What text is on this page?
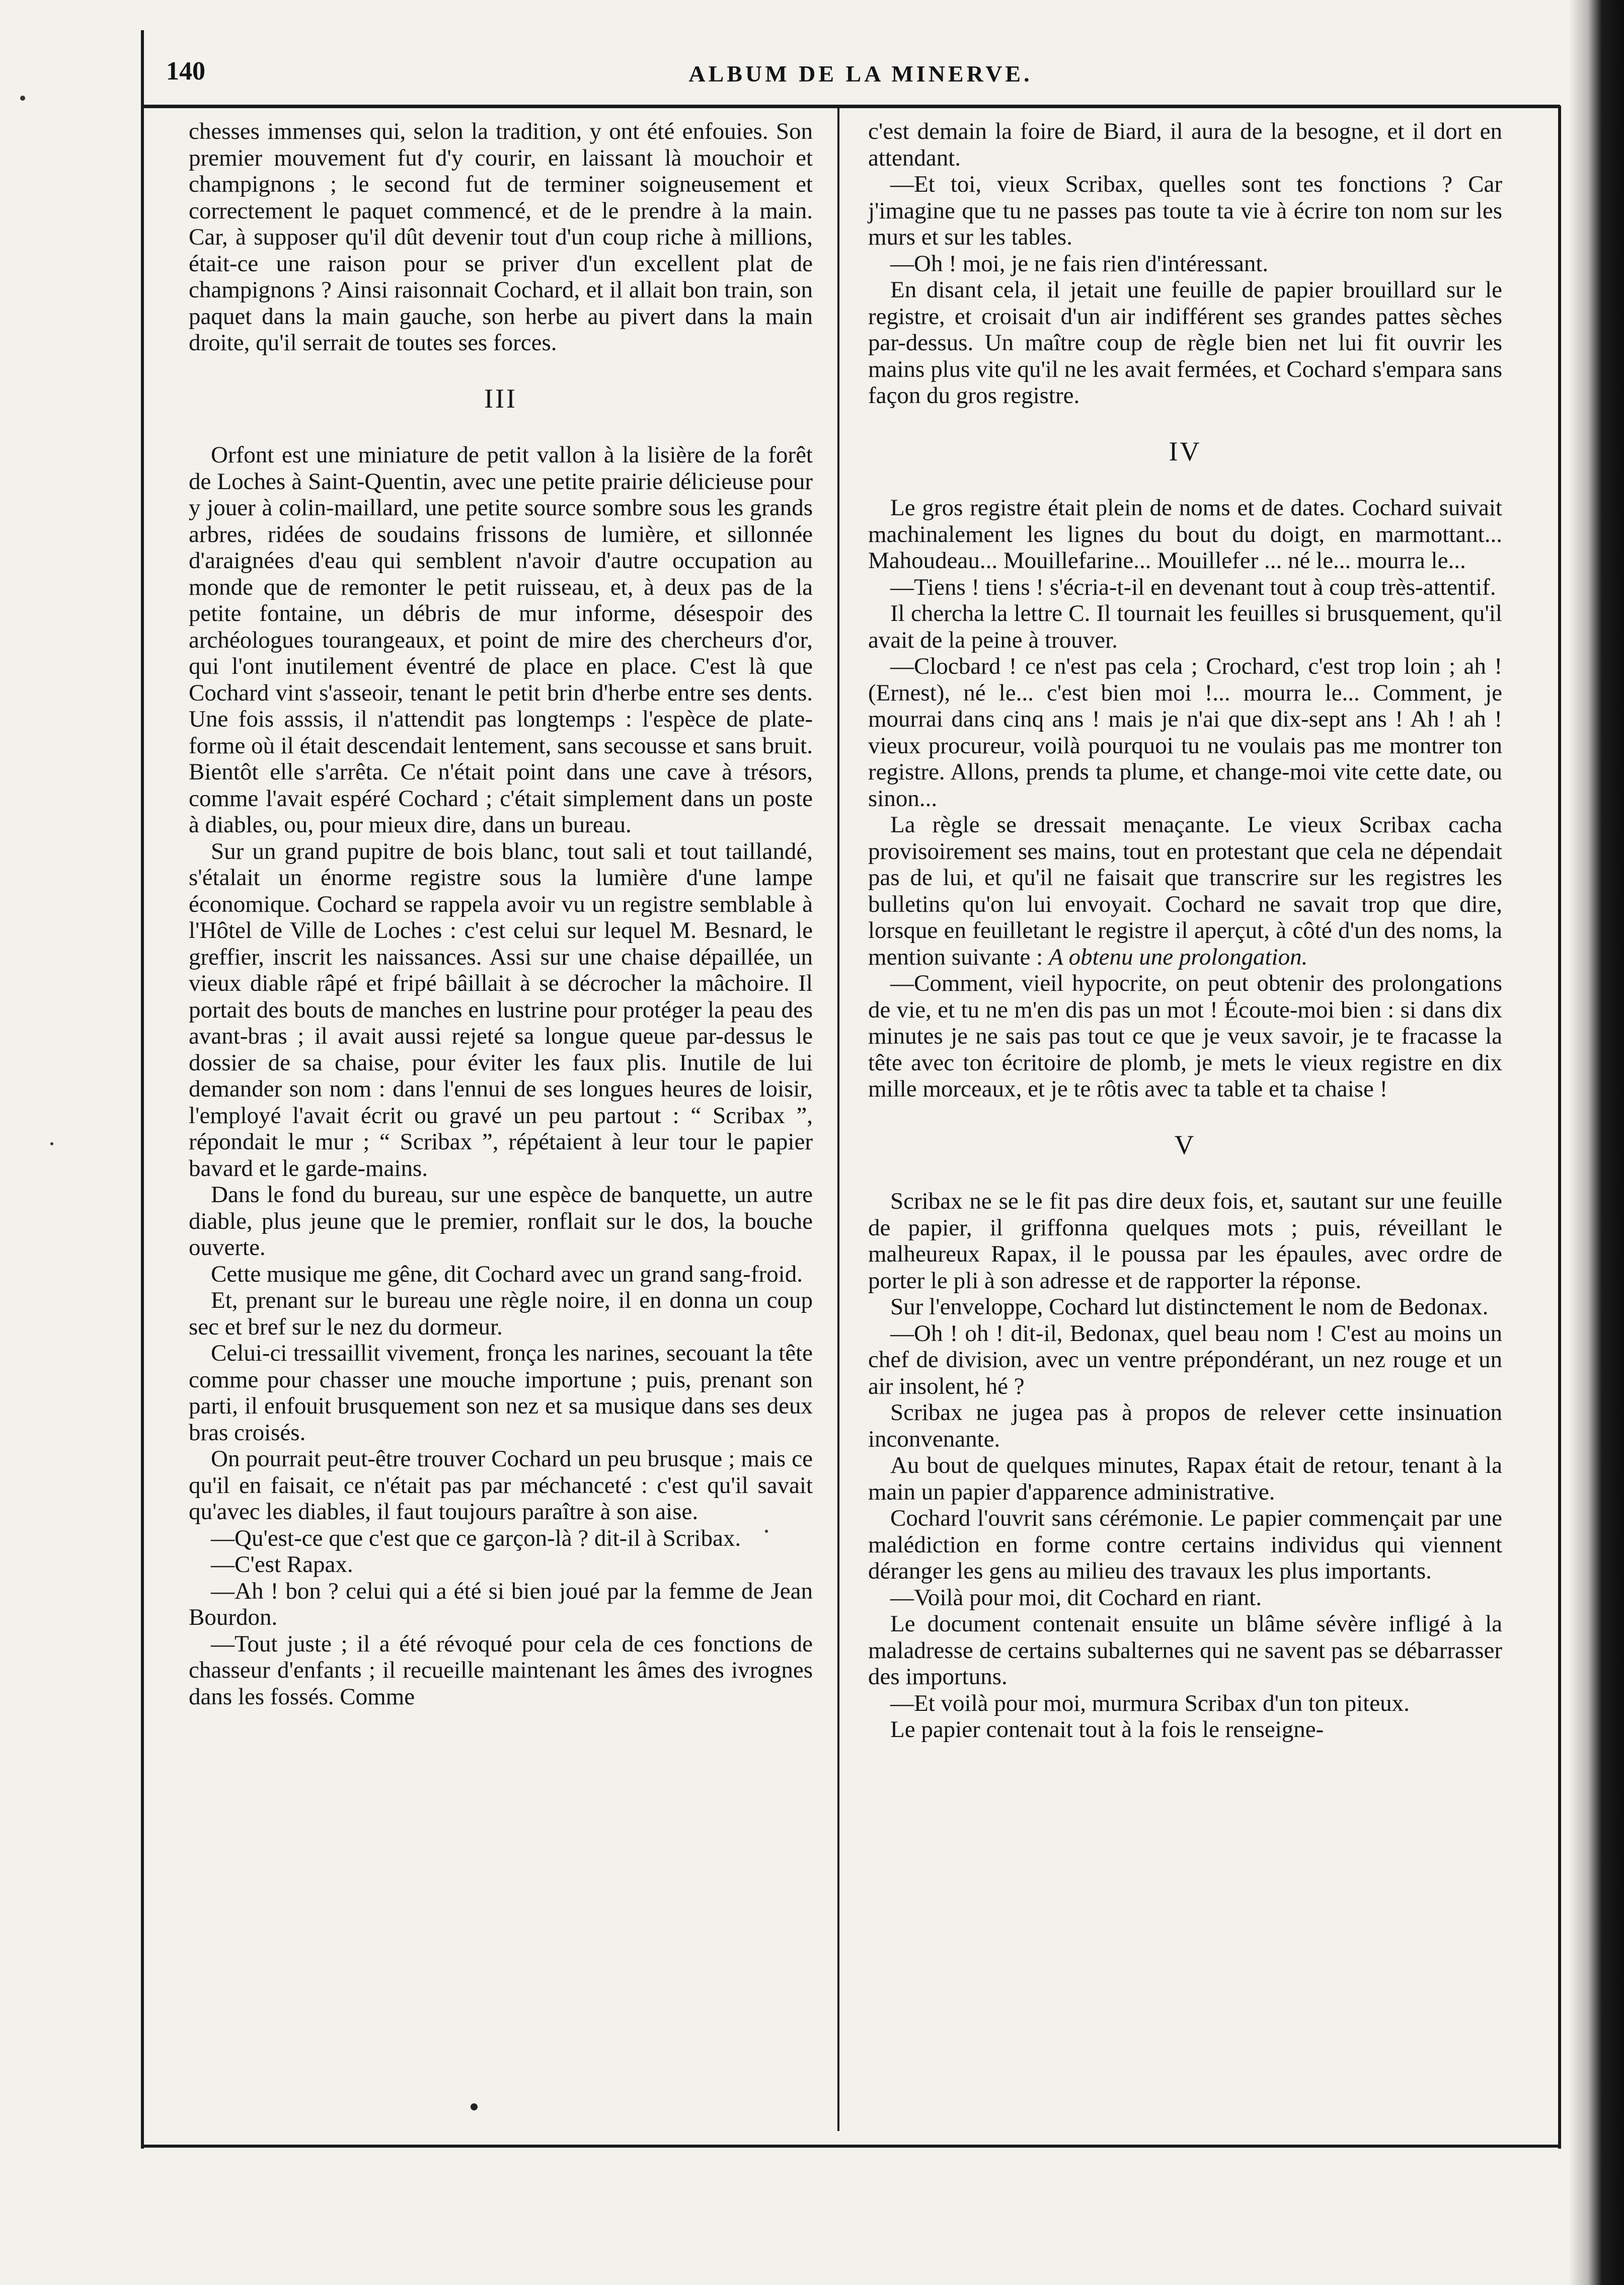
140	ALBUM DE LA MINERVE.

chesses immenses qui, selon la tradition, y ont été enfouies. Son premier mouvement fut d'y courir, en laissant là mouchoir et champignons ; le second fut de terminer soigneusement et correctement le paquet commencé, et de le prendre à la main. Car, à supposer qu'il dût devenir tout d'un coup riche à millions, était-ce une raison pour se priver d'un excellent plat de champignons ? Ainsi raisonnait Cochard, et il allait bon train, son paquet dans la main gauche, son herbe au pivert dans la main droite, qu'il serrait de toutes ses forces.

III

Orfont est une miniature de petit vallon à la lisière de la forêt de Loches à Saint-Quentin, avec une petite prairie délicieuse pour y jouer à colin-maillard, une petite source sombre sous les grands arbres, ridées de soudains frissons de lumière, et sillonnée d'araignées d'eau qui semblent n'avoir d'autre occupation au monde que de remonter le petit ruisseau, et, à deux pas de la petite fontaine, un débris de mur informe, désespoir des archéologues tourangeaux, et point de mire des chercheurs d'or, qui l'ont inutilement éventré de place en place. C'est là que Cochard vint s'asseoir, tenant le petit brin d'herbe entre ses dents. Une fois asssis, il n'attendit pas longtemps : l'espèce de plate-forme où il était descendait lentement, sans secousse et sans bruit. Bientôt elle s'arrêta. Ce n'était point dans une cave à trésors, comme l'avait espéré Cochard ; c'était simplement dans un poste à diables, ou, pour mieux dire, dans un bureau.

Sur un grand pupitre de bois blanc, tout sali et tout taillandé, s'étalait un énorme registre sous la lumière d'une lampe économique. Cochard se rappela avoir vu un registre semblable à l'Hôtel de Ville de Loches : c'est celui sur lequel M. Besnard, le greffier, inscrit les naissances. Assi sur une chaise dépaillée, un vieux diable râpé et fripé bâillait à se décrocher la mâchoire. Il portait des bouts de manches en lustrine pour protéger la peau des avant-bras ; il avait aussi rejeté sa longue queue par-dessus le dossier de sa chaise, pour éviter les faux plis. Inutile de lui demander son nom : dans l'ennui de ses longues heures de loisir, l'employé l'avait écrit ou gravé un peu partout : “ Scribax ”, répondait le mur ; “ Scribax ”, répétaient à leur tour le papier bavard et le garde-mains.

Dans le fond du bureau, sur une espèce de banquette, un autre diable, plus jeune que le premier, ronflait sur le dos, la bouche ouverte.

Cette musique me gêne, dit Cochard avec un grand sang-froid.

Et, prenant sur le bureau une règle noire, il en donna un coup sec et bref sur le nez du dormeur.

Celui-ci tressaillit vivement, fronça les narines, secouant la tête comme pour chasser une mouche importune ; puis, prenant son parti, il enfouit brusquement son nez et sa musique dans ses deux bras croisés.

On pourrait peut-être trouver Cochard un peu brusque ; mais ce qu'il en faisait, ce n'était pas par méchanceté : c'est qu'il savait qu'avec les diables, il faut toujours paraître à son aise.

—Qu'est-ce que c'est que ce garçon-là ? dit-il à Scribax.

—C'est Rapax.

—Ah ! bon ? celui qui a été si bien joué par la femme de Jean Bourdon.

—Tout juste ; il a été révoqué pour cela de ces fonctions de chasseur d'enfants ; il recueille maintenant les âmes des ivrognes dans les fossés. Comme

c'est demain la foire de Biard, il aura de la besogne, et il dort en attendant.

—Et toi, vieux Scribax, quelles sont tes fonctions ? Car j'imagine que tu ne passes pas toute ta vie à écrire ton nom sur les murs et sur les tables.

—Oh ! moi, je ne fais rien d'intéressant.

En disant cela, il jetait une feuille de papier brouillard sur le registre, et croisait d'un air indifférent ses grandes pattes sèches par-dessus. Un maître coup de règle bien net lui fit ouvrir les mains plus vite qu'il ne les avait fermées, et Cochard s'empara sans façon du gros registre.

IV

Le gros registre était plein de noms et de dates. Cochard suivait machinalement les lignes du bout du doigt, en marmottant... Mahoudeau... Mouillefarine... Mouillefer ... né le... mourra le...

—Tiens ! tiens ! s'écria-t-il en devenant tout à coup très-attentif.

Il chercha la lettre C. Il tournait les feuilles si brusquement, qu'il avait de la peine à trouver.

—Clocbard ! ce n'est pas cela ; Crochard, c'est trop loin ; ah ! (Ernest), né le... c'est bien moi !... mourra le... Comment, je mourrai dans cinq ans ! mais je n'ai que dix-sept ans ! Ah ! ah ! vieux procureur, voilà pourquoi tu ne voulais pas me montrer ton registre. Allons, prends ta plume, et change-moi vite cette date, ou sinon...

La règle se dressait menaçante. Le vieux Scribax cacha provisoirement ses mains, tout en protestant que cela ne dépendait pas de lui, et qu'il ne faisait que transcrire sur les registres les bulletins qu'on lui envoyait. Cochard ne savait trop que dire, lorsque en feuilletant le registre il aperçut, à côté d'un des noms, la mention suivante : A obtenu une prolongation.

—Comment, vieil hypocrite, on peut obtenir des prolongations de vie, et tu ne m'en dis pas un mot ! Écoute-moi bien : si dans dix minutes je ne sais pas tout ce que je veux savoir, je te fracasse la tête avec ton écritoire de plomb, je mets le vieux registre en dix mille morceaux, et je te rôtis avec ta table et ta chaise !

V

Scribax ne se le fit pas dire deux fois, et, sautant sur une feuille de papier, il griffonna quelques mots ; puis, réveillant le malheureux Rapax, il le poussa par les épaules, avec ordre de porter le pli à son adresse et de rapporter la réponse.

Sur l'enveloppe, Cochard lut distinctement le nom de Bedonax.

—Oh ! oh ! dit-il, Bedonax, quel beau nom ! C'est au moins un chef de division, avec un ventre prépondérant, un nez rouge et un air insolent, hé ?

Scribax ne jugea pas à propos de relever cette insinuation inconvenante.

Au bout de quelques minutes, Rapax était de retour, tenant à la main un papier d'apparence administrative.

Cochard l'ouvrit sans cérémonie. Le papier commençait par une malédiction en forme contre certains individus qui viennent déranger les gens au milieu des travaux les plus importants.

—Voilà pour moi, dit Cochard en riant.

Le document contenait ensuite un blâme sévère infligé à la maladresse de certains subalternes qui ne savent pas se débarrasser des importuns.

—Et voilà pour moi, murmura Scribax d'un ton piteux.

Le papier contenait tout à la fois le renseigne-
